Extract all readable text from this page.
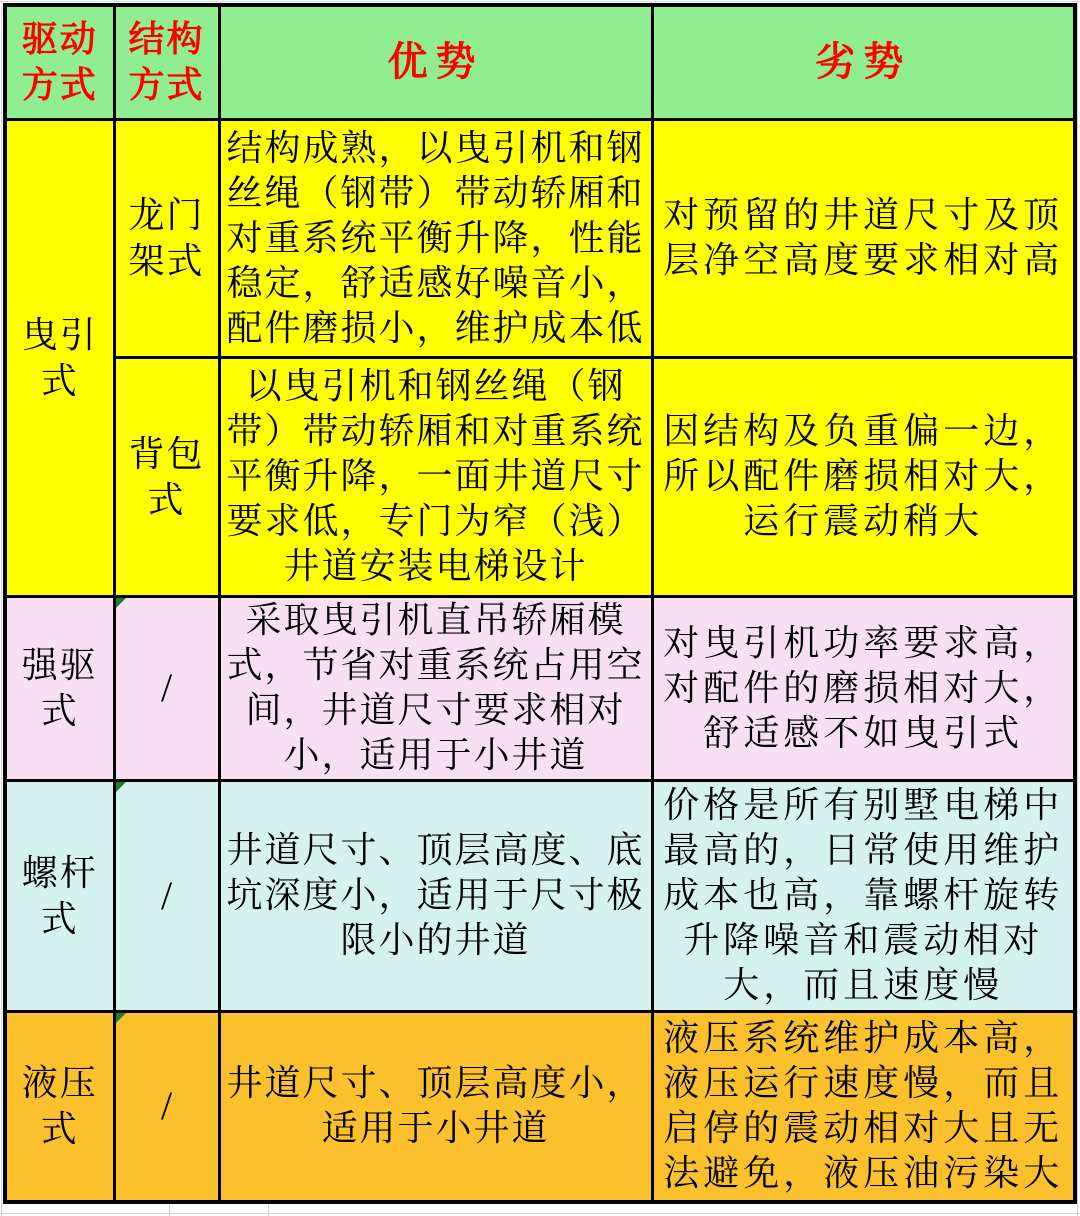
驱动方式	结构方式	优势	劣势
曳引式	龙门架式	结构成熟，以曳引机和钢丝绳（钢带）带动轿厢和对重系统平衡升降，性能稳定，舒适感好噪音小，配件磨损小，维护成本低	对预留的井道尺寸及顶层净空高度要求相对高
	背包式	以曳引机和钢丝绳（钢带）带动轿厢和对重系统平衡升降，一面井道尺寸要求低，专门为窄（浅）井道安装电梯设计	因结构及负重偏一边，所以配件磨损相对大，运行震动稍大
强驱式	/	采取曳引机直吊轿厢模式，节省对重系统占用空间，井道尺寸要求相对小，适用于小井道	对曳引机功率要求高，对配件的磨损相对大，舒适感不如曳引式
螺杆式	/	井道尺寸、顶层高度、底坑深度小，适用于尺寸极限小的井道	价格是所有别墅电梯中最高的，日常使用维护成本也高，靠螺杆旋转升降噪音和震动相对大，而且速度慢
液压式	/	井道尺寸、顶层高度小，适用于小井道	液压系统维护成本高，液压运行速度慢，而且启停的震动相对大且无法避免，液压油污染大
